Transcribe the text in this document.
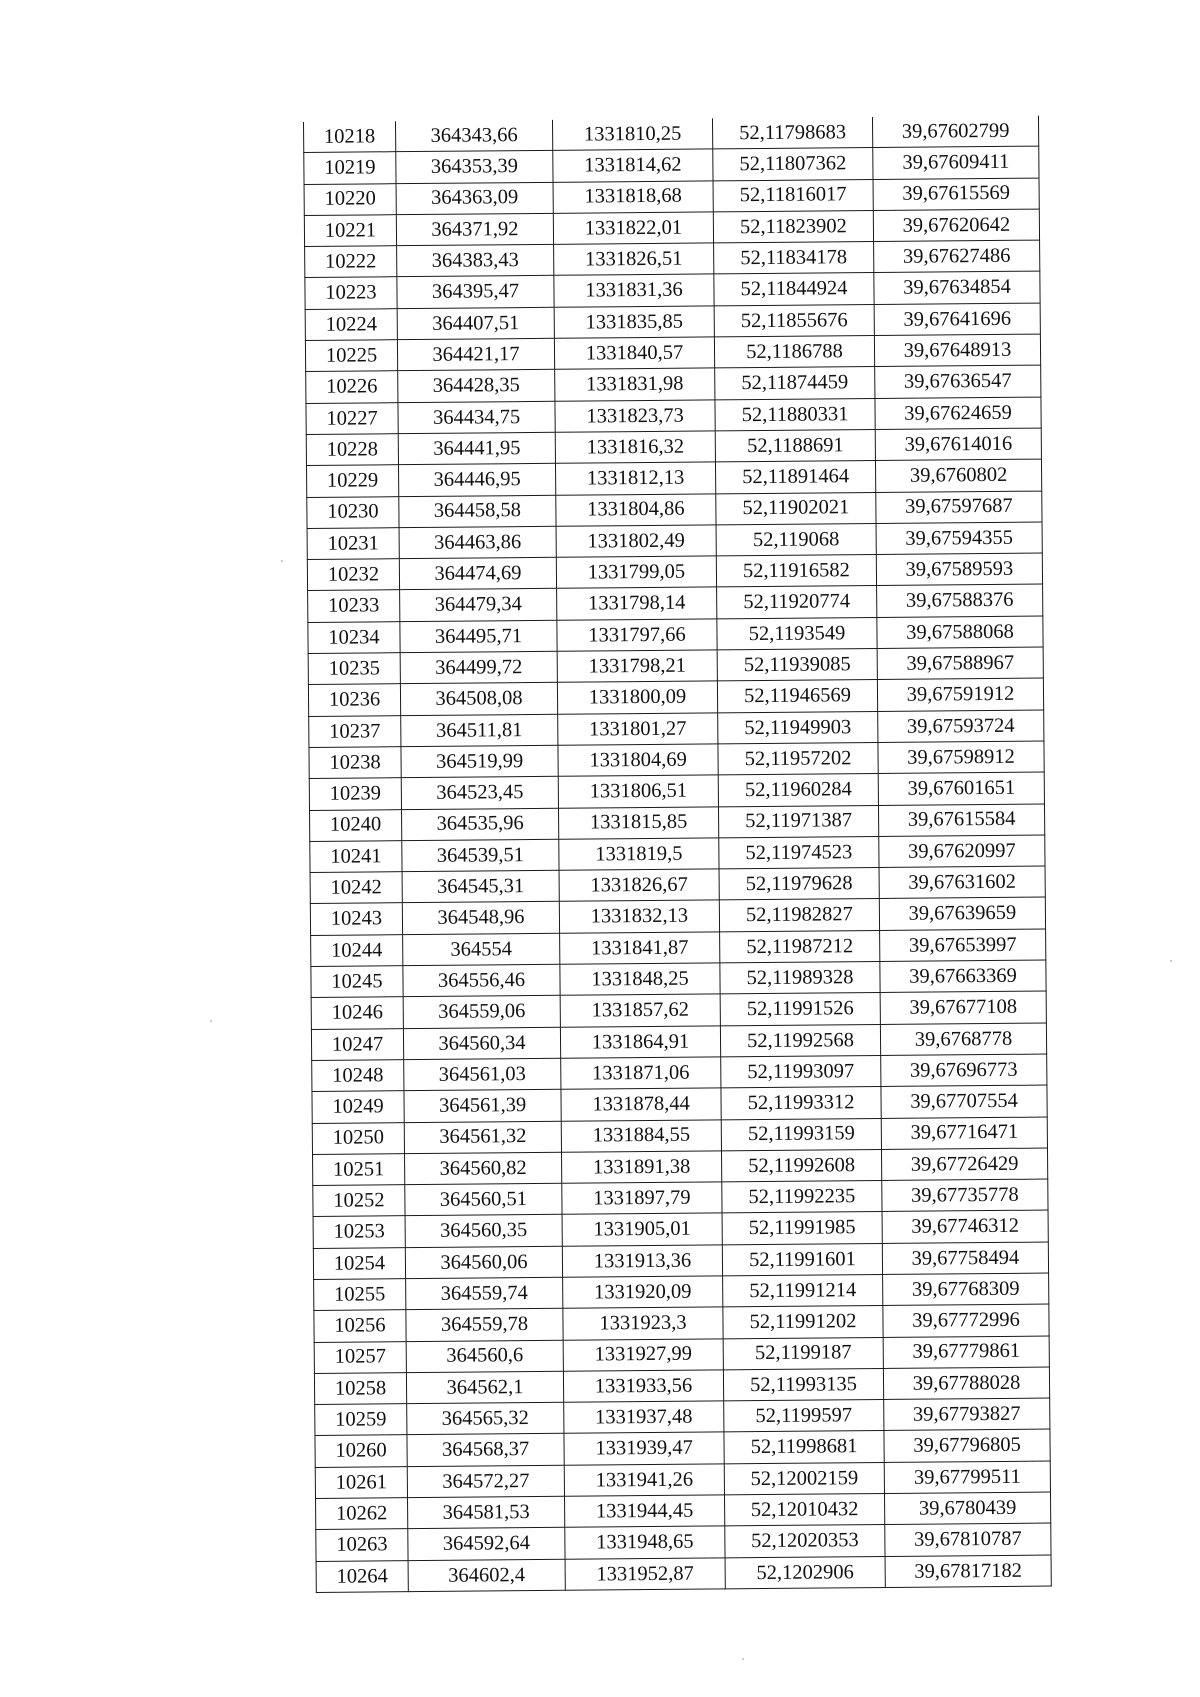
10218	364343,66	1331810,25	52,11798683	39,67602799
10219	364353,39	1331814,62	52,11807362	39,67609411
10220	364363,09	1331818,68	52,11816017	39,67615569
10221	364371,92	1331822,01	52,11823902	39,67620642
10222	364383,43	1331826,51	52,11834178	39,67627486
10223	364395,47	1331831,36	52,11844924	39,67634854
10224	364407,51	1331835,85	52,11855676	39,67641696
10225	364421,17	1331840,57	52,1186788	39,67648913
10226	364428,35	1331831,98	52,11874459	39,67636547
10227	364434,75	1331823,73	52,11880331	39,67624659
10228	364441,95	1331816,32	52,1188691	39,67614016
10229	364446,95	1331812,13	52,11891464	39,6760802
10230	364458,58	1331804,86	52,11902021	39,67597687
10231	364463,86	1331802,49	52,119068	39,67594355
10232	364474,69	1331799,05	52,11916582	39,67589593
10233	364479,34	1331798,14	52,11920774	39,67588376
10234	364495,71	1331797,66	52,1193549	39,67588068
10235	364499,72	1331798,21	52,11939085	39,67588967
10236	364508,08	1331800,09	52,11946569	39,67591912
10237	364511,81	1331801,27	52,11949903	39,67593724
10238	364519,99	1331804,69	52,11957202	39,67598912
10239	364523,45	1331806,51	52,11960284	39,67601651
10240	364535,96	1331815,85	52,11971387	39,67615584
10241	364539,51	1331819,5	52,11974523	39,67620997
10242	364545,31	1331826,67	52,11979628	39,67631602
10243	364548,96	1331832,13	52,11982827	39,67639659
10244	364554	1331841,87	52,11987212	39,67653997
10245	364556,46	1331848,25	52,11989328	39,67663369
10246	364559,06	1331857,62	52,11991526	39,67677108
10247	364560,34	1331864,91	52,11992568	39,6768778
10248	364561,03	1331871,06	52,11993097	39,67696773
10249	364561,39	1331878,44	52,11993312	39,67707554
10250	364561,32	1331884,55	52,11993159	39,67716471
10251	364560,82	1331891,38	52,11992608	39,67726429
10252	364560,51	1331897,79	52,11992235	39,67735778
10253	364560,35	1331905,01	52,11991985	39,67746312
10254	364560,06	1331913,36	52,11991601	39,67758494
10255	364559,74	1331920,09	52,11991214	39,67768309
10256	364559,78	1331923,3	52,11991202	39,67772996
10257	364560,6	1331927,99	52,1199187	39,67779861
10258	364562,1	1331933,56	52,11993135	39,67788028
10259	364565,32	1331937,48	52,1199597	39,67793827
10260	364568,37	1331939,47	52,11998681	39,67796805
10261	364572,27	1331941,26	52,12002159	39,67799511
10262	364581,53	1331944,45	52,12010432	39,6780439
10263	364592,64	1331948,65	52,12020353	39,67810787
10264	364602,4	1331952,87	52,1202906	39,67817182
